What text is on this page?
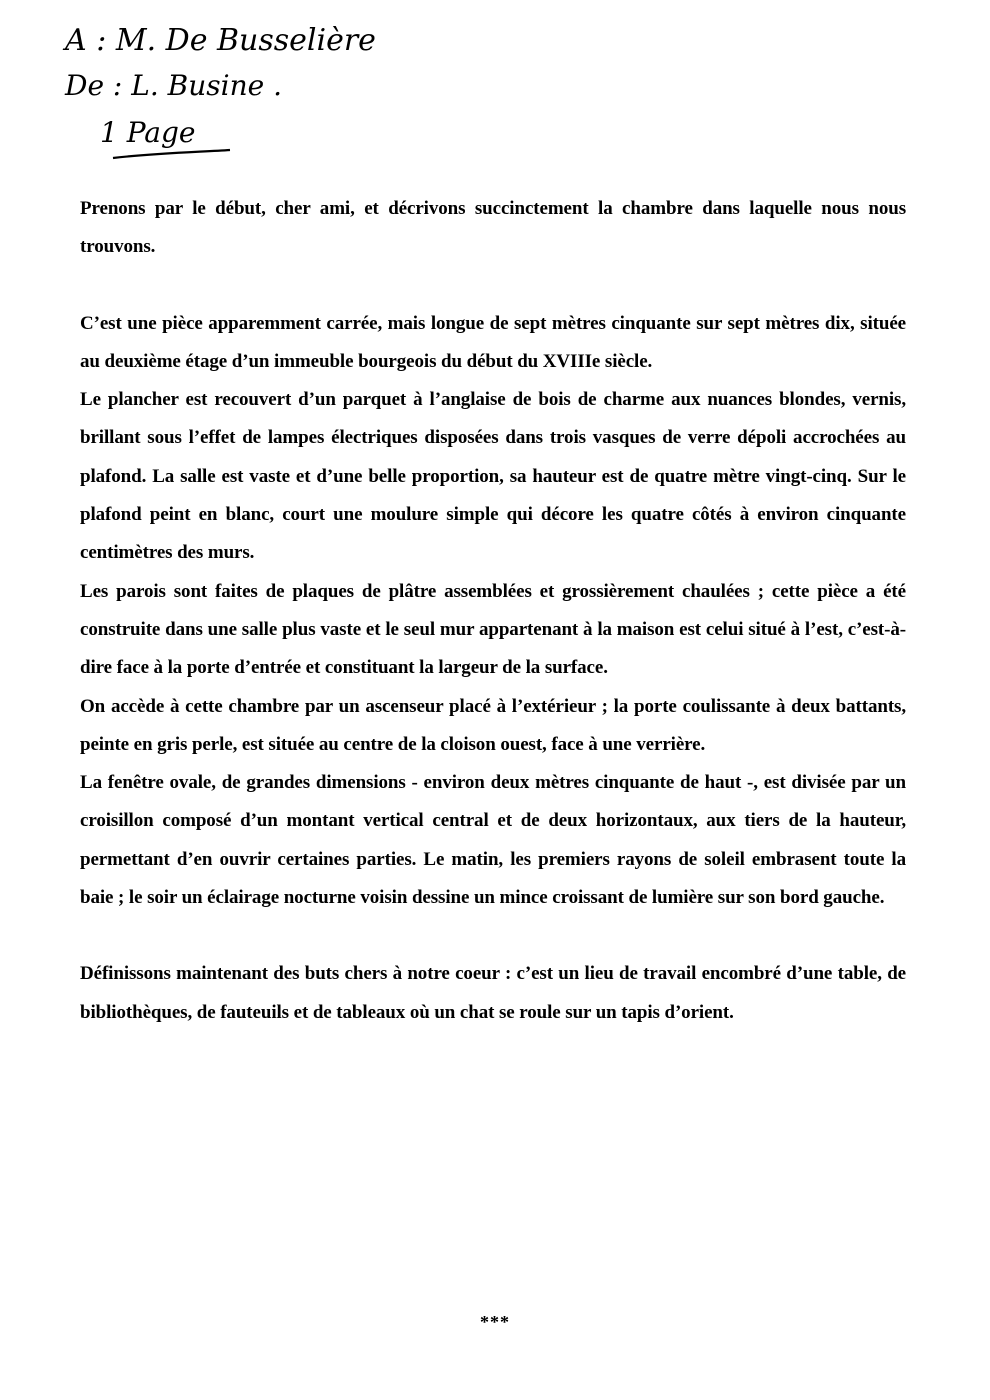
A : M. De Busselière
De : L. Busine .
1 Page

Prenons par le début, cher ami, et décrivons succinctement la chambre dans laquelle nous nous trouvons.

C’est une pièce apparemment carrée, mais longue de sept mètres cinquante sur sept mètres dix, située au deuxième étage d’un immeuble bourgeois du début du XVIIIe siècle.

Le plancher est recouvert d’un parquet à l’anglaise de bois de charme aux nuances blondes, vernis, brillant sous l’effet de lampes électriques disposées dans trois vasques de verre dépoli accrochées au plafond. La salle est vaste et d’une belle proportion, sa hauteur est de quatre mètre vingt-cinq. Sur le plafond peint en blanc, court une moulure simple qui décore les quatre côtés à environ cinquante centimètres des murs.

Les parois sont faites de plaques de plâtre assemblées et grossièrement chaulées ; cette pièce a été construite dans une salle plus vaste et le seul mur appartenant à la maison est celui situé à l’est, c’est-à-dire face à la porte d’entrée et constituant la largeur de la surface.

On accède à cette chambre par un ascenseur placé à l’extérieur ; la porte coulissante à deux battants, peinte en gris perle, est située au centre de la cloison ouest, face à une verrière.

La fenêtre ovale, de grandes dimensions - environ deux mètres cinquante de haut -, est divisée par un croisillon composé d’un montant vertical central et de deux horizontaux, aux tiers de la hauteur, permettant d’en ouvrir certaines parties. Le matin, les premiers rayons de soleil embrasent toute la baie ; le soir un éclairage nocturne voisin dessine un mince croissant de lumière sur son bord gauche.

Définissons maintenant des buts chers à notre coeur : c’est un lieu de travail encombré d’une table, de bibliothèques, de fauteuils et de tableaux où un chat se roule sur un tapis d’orient.

***
